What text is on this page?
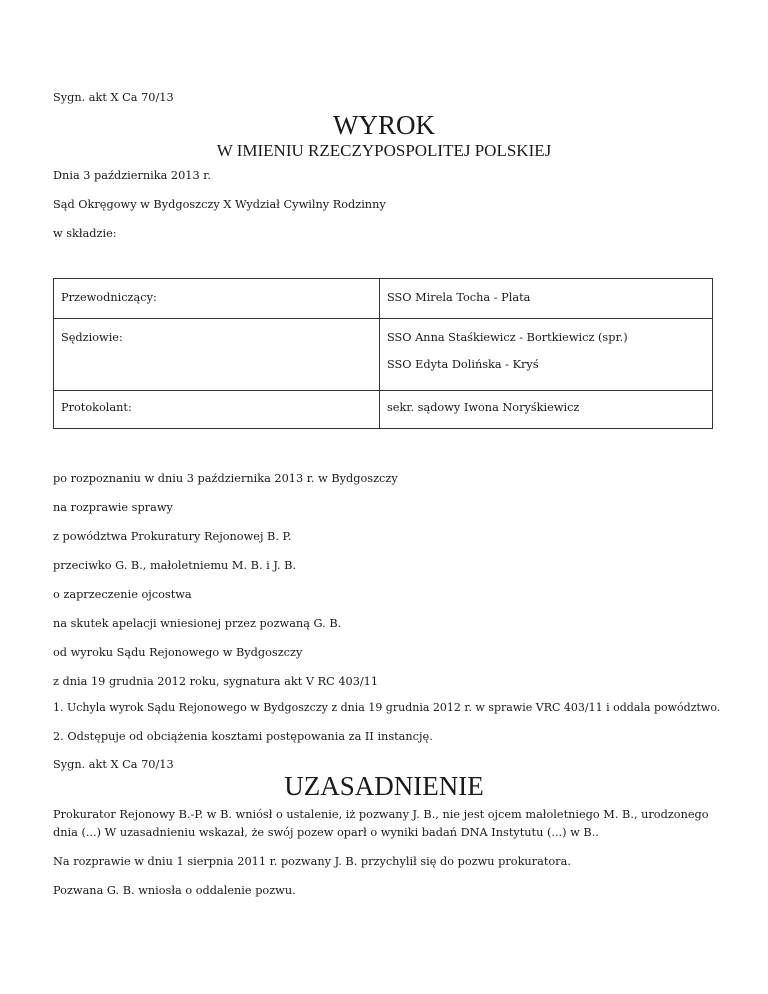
Sygn. akt X Ca 70/13
WYROK
W IMIENIU RZECZYPOSPOLITEJ POLSKIEJ
Dnia 3 października 2013 r.
Sąd Okręgowy w Bydgoszczy X Wydział Cywilny Rodzinny
w składzie:
Przewodniczący:	SSO Mirela Tocha - Plata

Sędziowie:	SSO Anna Staśkiewicz - Bortkiewicz (spr.)
SSO Edyta Dolińska - Kryś

Protokolant:	sekr. sądowy Iwona Noryśkiewicz
po rozpoznaniu w dniu 3 października 2013 r. w Bydgoszczy
na rozprawie sprawy
z powództwa Prokuratury Rejonowej B. P.
przeciwko G. B., małoletniemu M. B. i J. B.
o zaprzeczenie ojcostwa
na skutek apelacji wniesionej przez pozwaną G. B.
od wyroku Sądu Rejonowego w Bydgoszczy
z dnia 19 grudnia 2012 roku, sygnatura akt V RC 403/11
1. Uchyla wyrok Sądu Rejonowego w Bydgoszczy z dnia 19 grudnia 2012 r. w sprawie VRC 403/11 i oddala powództwo.
2. Odstępuje od obciążenia kosztami postępowania za II instancję.
Sygn. akt X Ca 70/13
UZASADNIENIE
Prokurator Rejonowy B.-P. w B. wniósł o ustalenie, iż pozwany J. B., nie jest ojcem małoletniego M. B., urodzonego dnia (...) W uzasadnieniu wskazał, że swój pozew oparł o wyniki badań DNA Instytutu (...) w B..
Na rozprawie w dniu 1 sierpnia 2011 r. pozwany J. B. przychylił się do pozwu prokuratora.
Pozwana G. B. wniosła o oddalenie pozwu.
